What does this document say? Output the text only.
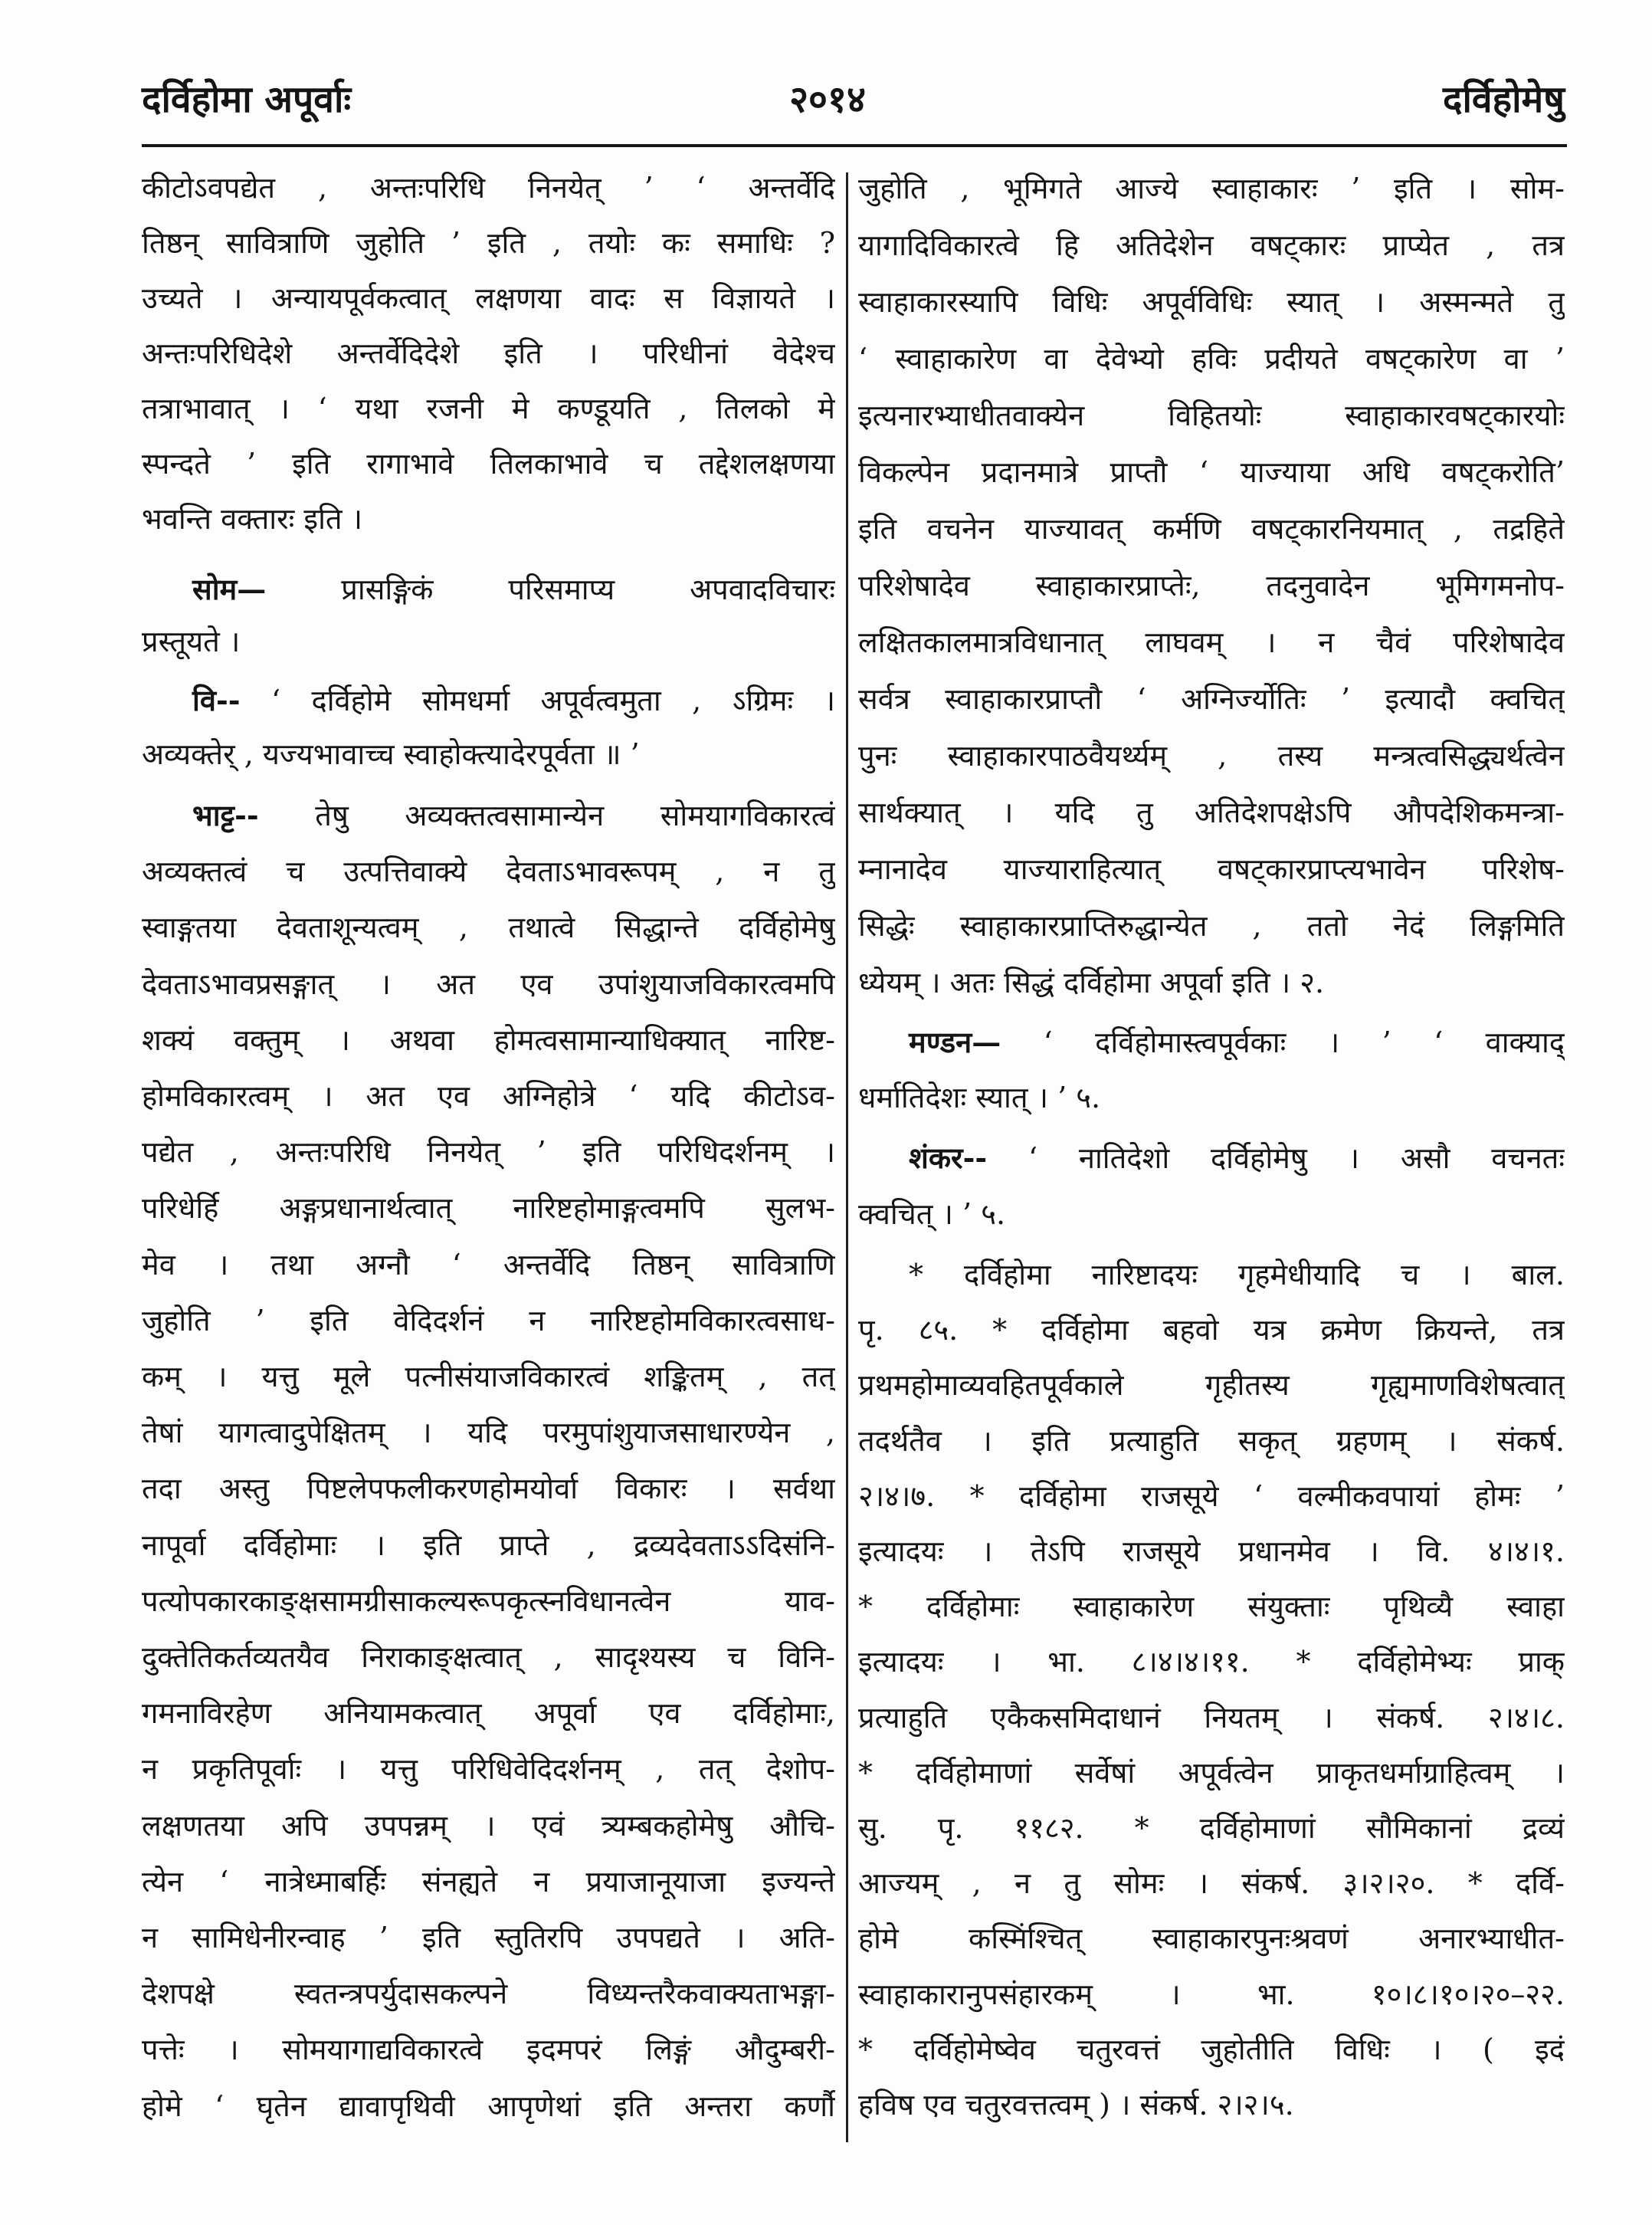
दर्विहोमा अपूर्वाः	२०१४	दर्विहोमेषु
कीटोऽवपद्येत , अन्तःपरिधि निनयेत् ’ ‘ अन्तर्वेदि
तिष्ठन् सावित्राणि जुहोति ’ इति , तयोः कः समाधिः ?
उच्यते । अन्यायपूर्वकत्वात् लक्षणया वादः स विज्ञायते ।
अन्तःपरिधिदेशे अन्तर्वेदिदेशे इति । परिधीनां वेदेश्च
तत्राभावात् । ‘ यथा रजनी मे कण्डूयति , तिलको मे
स्पन्दते ’ इति रागाभावे तिलकाभावे च तद्देशलक्षणया
भवन्ति वक्तारः इति ।
सोम—	प्रासङ्गिकं परिसमाप्य अपवादविचारः
प्रस्तूयते ।
वि-- ‘ दर्विहोमे सोमधर्मा अपूर्वत्वमुता , ऽग्रिमः ।
अव्यक्तेर् , यज्यभावाच्च स्वाहोक्त्यादेरपूर्वता ॥ ’
भाट्ट-- तेषु अव्यक्तत्वसामान्येन सोमयागविकारत्वं
अव्यक्तत्वं च उत्पत्तिवाक्ये देवताऽभावरूपम् , न तु
स्वाङ्गतया देवताशून्यत्वम् , तथात्वे सिद्धान्ते दर्विहोमेषु
देवताऽभावप्रसङ्गात् । अत एव उपांशुयाजविकारत्वमपि
शक्यं वक्तुम् । अथवा होमत्वसामान्याधिक्यात् नारिष्ट-
होमविकारत्वम् । अत एव अग्निहोत्रे ‘ यदि कीटोऽव-
पद्येत , अन्तःपरिधि निनयेत् ’ इति परिधिदर्शनम् ।
परिधेर्हि अङ्गप्रधानार्थत्वात् नारिष्टहोमाङ्गत्वमपि सुलभ-
मेव । तथा अग्नौ ‘ अन्तर्वेदि तिष्ठन् सावित्राणि
जुहोति ’ इति वेदिदर्शनं न नारिष्टहोमविकारत्वसाध-
कम् । यत्तु मूले पत्नीसंयाजविकारत्वं शङ्कितम् , तत्
तेषां यागत्वादुपेक्षितम् । यदि परमुपांशुयाजसाधारण्येन ,
तदा अस्तु पिष्टलेपफलीकरणहोमयोर्वा विकारः । सर्वथा
नापूर्वा दर्विहोमाः । इति प्राप्ते , द्रव्यदेवताऽऽदिसंनि-
पत्योपकारकाङ्क्षसामग्रीसाकल्यरूपकृत्स्नविधानत्वेन याव-
दुक्तेतिकर्तव्यतयैव निराकाङ्क्षत्वात् , सादृश्यस्य च विनि-
गमनाविरहेण अनियामकत्वात् अपूर्वा एव दर्विहोमाः,
न प्रकृतिपूर्वाः । यत्तु परिधिवेदिदर्शनम् , तत् देशोप-
लक्षणतया अपि उपपन्नम् । एवं त्र्यम्बकहोमेषु औचि-
त्येन ‘ नात्रेध्माबर्हिः संनह्यते न प्रयाजानूयाजा इज्यन्ते
न सामिधेनीरन्वाह ’ इति स्तुतिरपि उपपद्यते । अति-
देशपक्षे स्वतन्त्रपर्युदासकल्पने विध्यन्तरैकवाक्यताभङ्गा-
पत्तेः । सोमयागाद्यविकारत्वे इदमपरं लिङ्गं औदुम्बरी-
होमे ‘ घृतेन द्यावापृथिवी आपृणेथां इति अन्तरा कर्णौ
जुहोति , भूमिगते आज्ये स्वाहाकारः ’ इति । सोम-
यागादिविकारत्वे हि अतिदेशेन वषट्कारः प्राप्येत , तत्र
स्वाहाकारस्यापि विधिः अपूर्वविधिः स्यात् । अस्मन्मते तु
‘ स्वाहाकारेण वा देवेभ्यो हविः प्रदीयते वषट्कारेण वा ’
इत्यनारभ्याधीतवाक्येन विहितयोः स्वाहाकारवषट्कारयोः
विकल्पेन प्रदानमात्रे प्राप्तौ ‘ याज्याया अधि वषट्करोति’
इति वचनेन याज्यावत् कर्मणि वषट्कारनियमात् , तद्रहिते
परिशेषादेव स्वाहाकारप्राप्तेः, तदनुवादेन भूमिगमनोप-
लक्षितकालमात्रविधानात् लाघवम् । न चैवं परिशेषादेव
सर्वत्र स्वाहाकारप्राप्तौ ‘ अग्निर्ज्योतिः ’ इत्यादौ क्वचित्
पुनः स्वाहाकारपाठवैयर्थ्यम् , तस्य मन्त्रत्वसिद्ध्यर्थत्वेन
सार्थक्यात् । यदि तु अतिदेशपक्षेऽपि औपदेशिकमन्त्रा-
म्नानादेव याज्याराहित्यात् वषट्कारप्राप्त्यभावेन परिशेष-
सिद्धेः स्वाहाकारप्राप्तिरुद्धान्येत , ततो नेदं लिङ्गमिति
ध्येयम् । अतः सिद्धं दर्विहोमा अपूर्वा इति । २.
मण्डन— ‘ दर्विहोमास्त्वपूर्वकाः । ’ ‘ वाक्याद्
धर्मातिदेशः स्यात् । ’ ५.
शंकर-- ‘ नातिदेशो दर्विहोमेषु । असौ वचनतः
क्वचित् । ’ ५.
* दर्विहोमा नारिष्टादयः गृहमेधीयादि च । बाल.
पृ. ८५. * दर्विहोमा बहवो यत्र क्रमेण क्रियन्ते, तत्र
प्रथमहोमाव्यवहितपूर्वकाले गृहीतस्य गृह्यमाणविशेषत्वात्
तदर्थतैव । इति प्रत्याहुति सकृत् ग्रहणम् । संकर्ष.
२।४।७. * दर्विहोमा राजसूये ‘ वल्मीकवपायां होमः ’
इत्यादयः । तेऽपि राजसूये प्रधानमेव । वि. ४।४।१.
* दर्विहोमाः स्वाहाकारेण संयुक्ताः पृथिव्यै स्वाहा
इत्यादयः । भा. ८।४।४।११. * दर्विहोमेभ्यः प्राक्
प्रत्याहुति एकैकसमिदाधानं नियतम् । संकर्ष. २।४।८.
* दर्विहोमाणां सर्वेषां अपूर्वत्वेन प्राकृतधर्माग्राहित्वम् ।
सु. पृ. ११८२. * दर्विहोमाणां सौमिकानां द्रव्यं
आज्यम् , न तु सोमः । संकर्ष. ३।२।२०. * दर्वि-
होमे कस्मिंश्चित् स्वाहाकारपुनःश्रवणं अनारभ्याधीत-
स्वाहाकारानुपसंहारकम् । भा. १०।८।१०।२०–२२.
* दर्विहोमेष्वेव चतुरवत्तं जुहोतीति विधिः । ( इदं
हविष एव चतुरवत्तत्वम् ) । संकर्ष. २।२।५.
